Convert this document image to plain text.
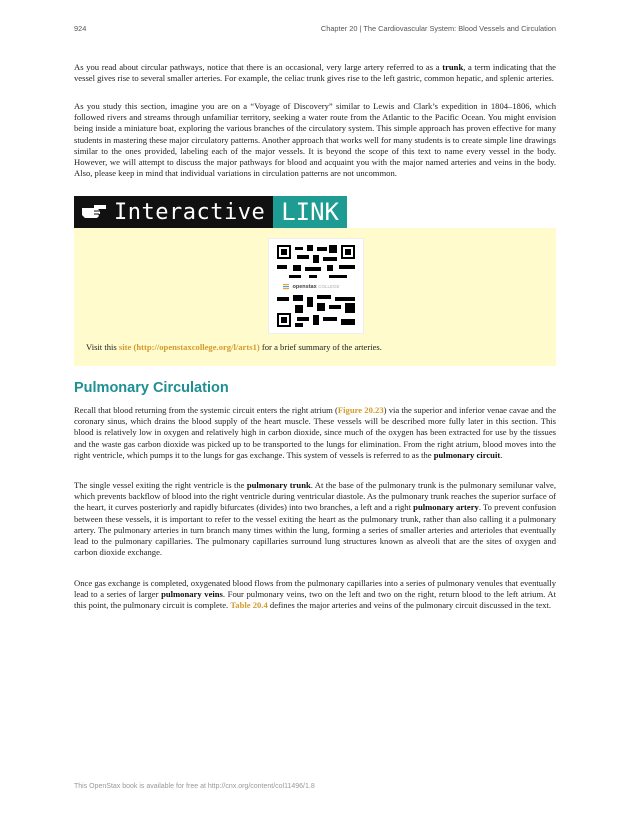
924	Chapter 20 | The Cardiovascular System: Blood Vessels and Circulation

As you read about circular pathways, notice that there is an occasional, very large artery referred to as a trunk, a term indicating that the vessel gives rise to several smaller arteries. For example, the celiac trunk gives rise to the left gastric, common hepatic, and splenic arteries.

As you study this section, imagine you are on a “Voyage of Discovery” similar to Lewis and Clark’s expedition in 1804–1806, which followed rivers and streams through unfamiliar territory, seeking a water route from the Atlantic to the Pacific Ocean. You might envision being inside a miniature boat, exploring the various branches of the circulatory system. This simple approach has proven effective for many students in mastering these major circulatory patterns. Another approach that works well for many students is to create simple line drawings similar to the ones provided, labeling each of the major vessels. It is beyond the scope of this text to name every vessel in the body. However, we will attempt to discuss the major pathways for blood and acquaint you with the major named arteries and veins in the body. Also, please keep in mind that individual variations in circulation patterns are not uncommon.

Interactive LINK
openstax COLLEGE

Visit this site (http://openstaxcollege.org/l/arts1) for a brief summary of the arteries.

Pulmonary Circulation

Recall that blood returning from the systemic circuit enters the right atrium (Figure 20.23) via the superior and inferior venae cavae and the coronary sinus, which drains the blood supply of the heart muscle. These vessels will be described more fully later in this section. This blood is relatively low in oxygen and relatively high in carbon dioxide, since much of the oxygen has been extracted for use by the tissues and the waste gas carbon dioxide was picked up to be transported to the lungs for elimination. From the right atrium, blood moves into the right ventricle, which pumps it to the lungs for gas exchange. This system of vessels is referred to as the pulmonary circuit.

The single vessel exiting the right ventricle is the pulmonary trunk. At the base of the pulmonary trunk is the pulmonary semilunar valve, which prevents backflow of blood into the right ventricle during ventricular diastole. As the pulmonary trunk reaches the superior surface of the heart, it curves posteriorly and rapidly bifurcates (divides) into two branches, a left and a right pulmonary artery. To prevent confusion between these vessels, it is important to refer to the vessel exiting the heart as the pulmonary trunk, rather than also calling it a pulmonary artery. The pulmonary arteries in turn branch many times within the lung, forming a series of smaller arteries and arterioles that eventually lead to the pulmonary capillaries. The pulmonary capillaries surround lung structures known as alveoli that are the sites of oxygen and carbon dioxide exchange.

Once gas exchange is completed, oxygenated blood flows from the pulmonary capillaries into a series of pulmonary venules that eventually lead to a series of larger pulmonary veins. Four pulmonary veins, two on the left and two on the right, return blood to the left atrium. At this point, the pulmonary circuit is complete. Table 20.4 defines the major arteries and veins of the pulmonary circuit discussed in the text.

This OpenStax book is available for free at http://cnx.org/content/col11496/1.8
